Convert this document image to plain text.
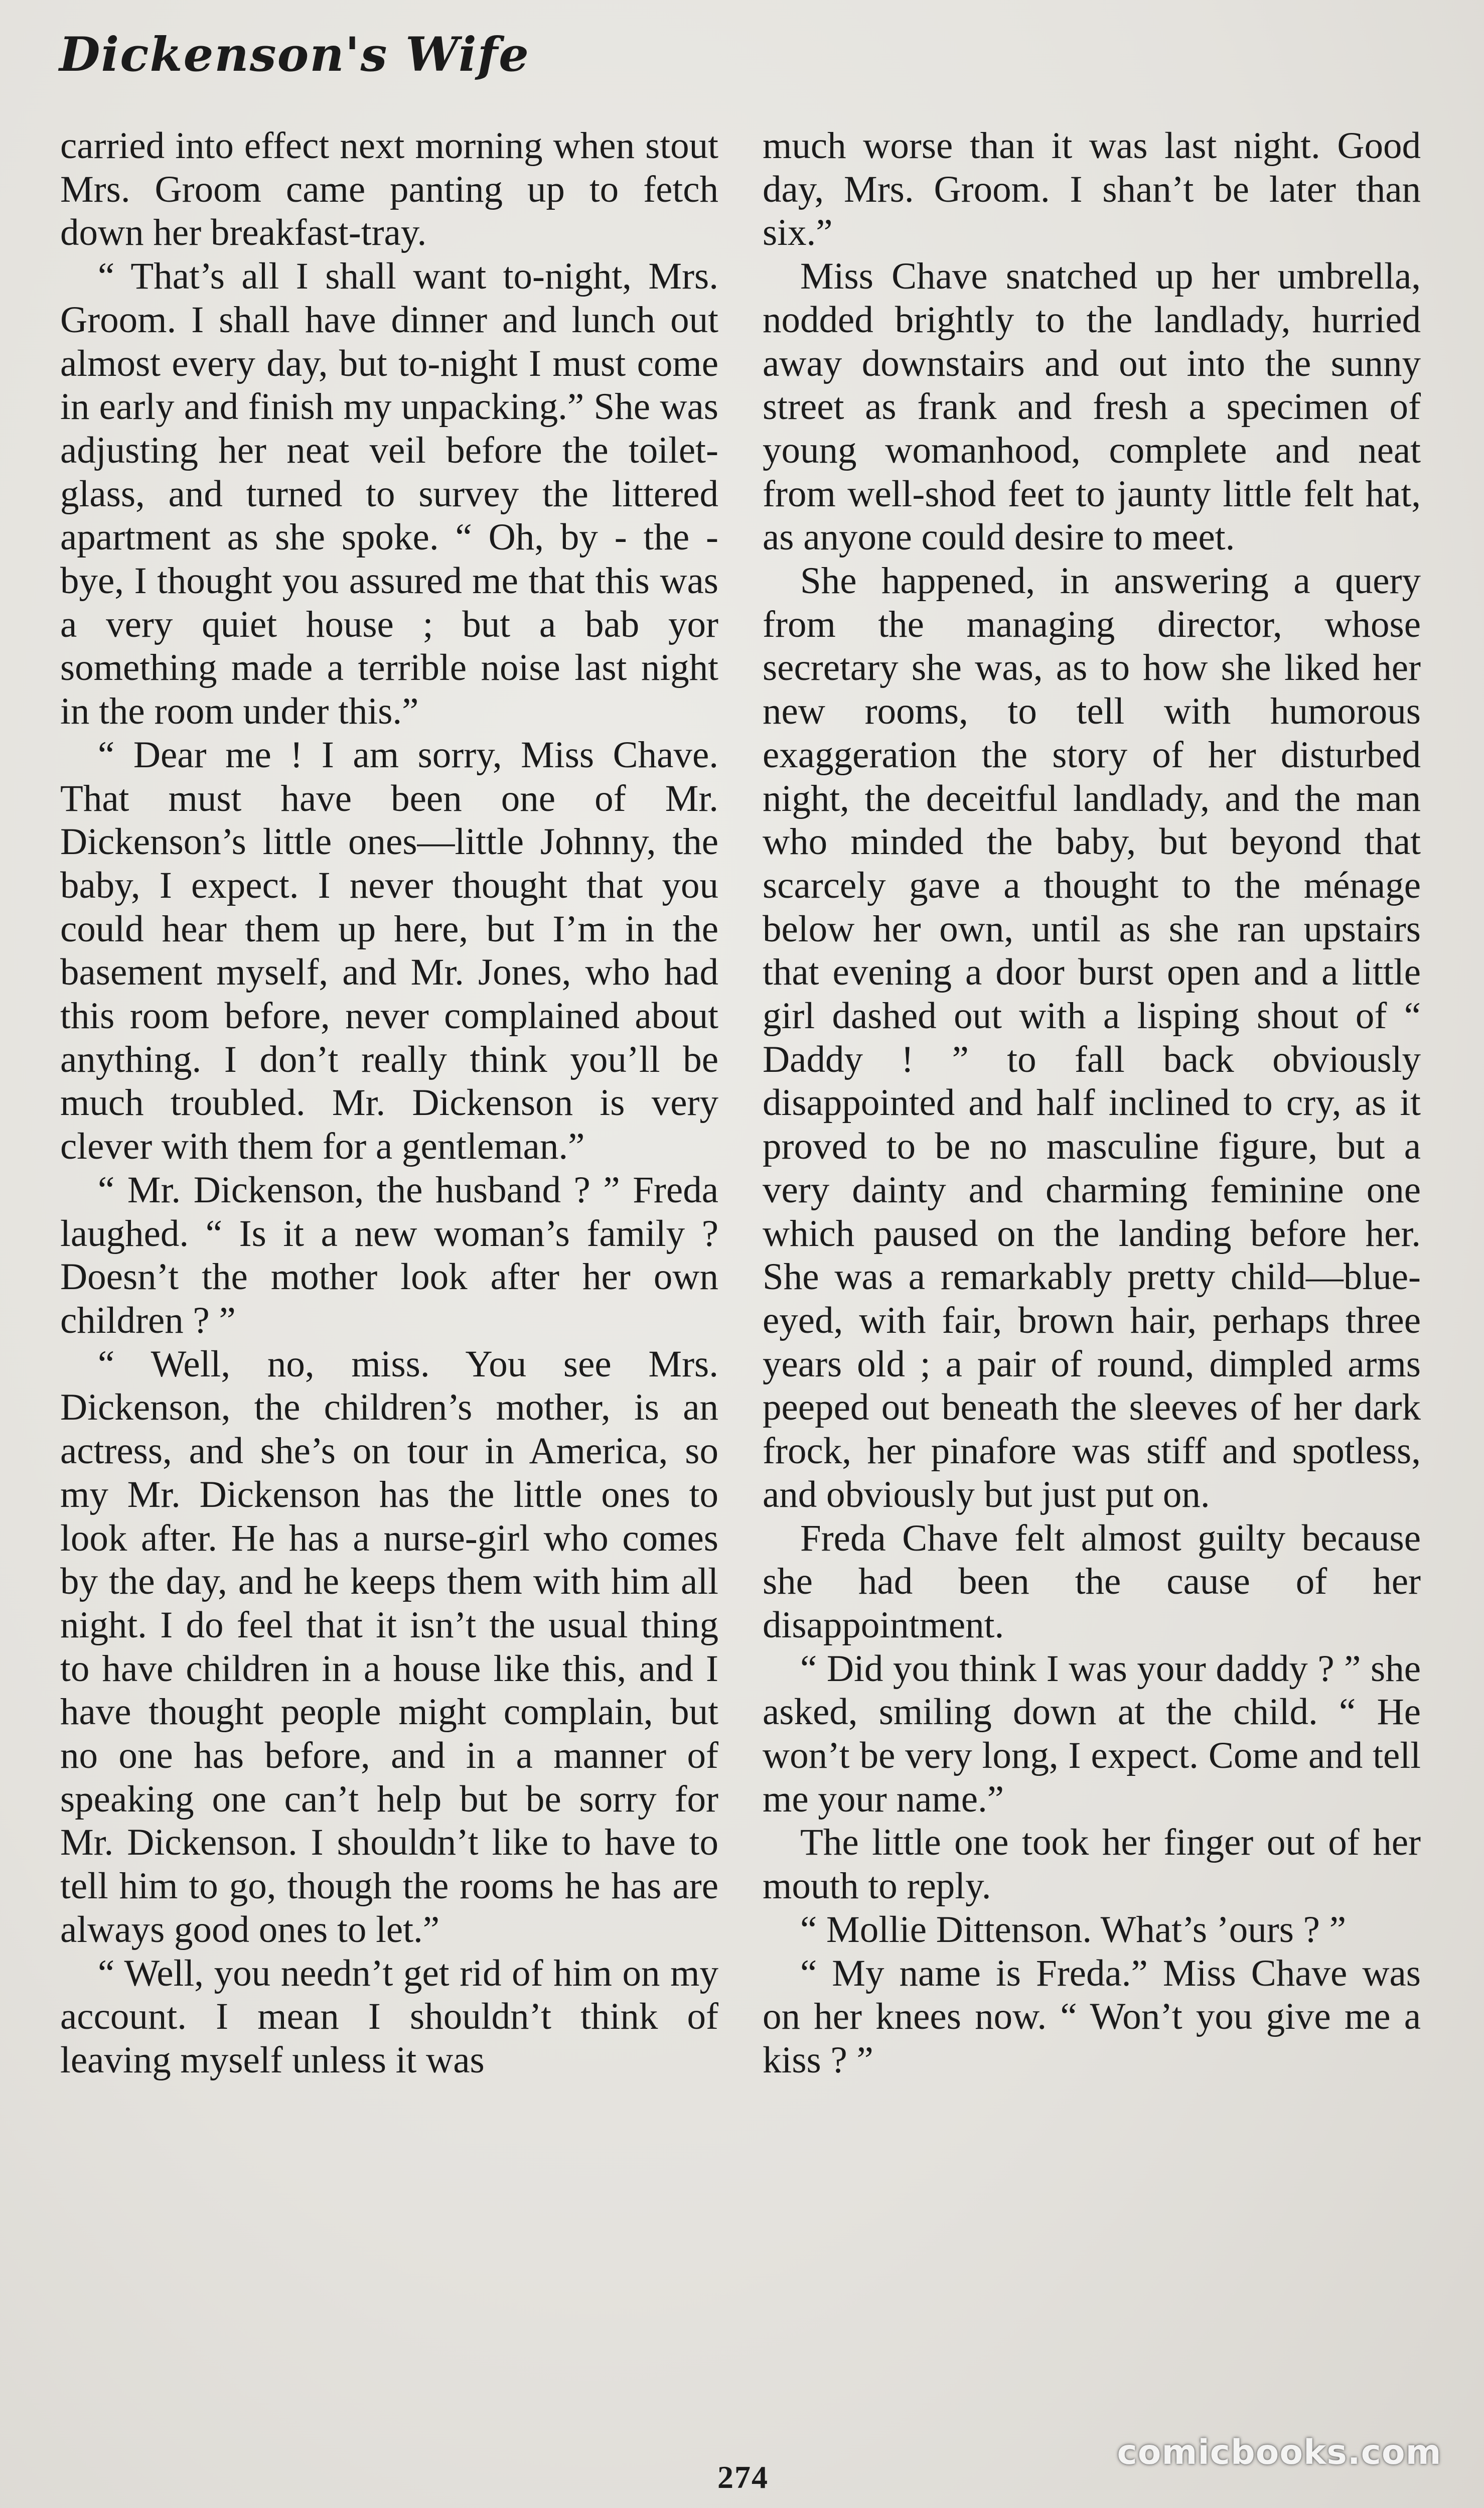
Dickenson's Wife

carried into effect next morning when stout Mrs. Groom came panting up to fetch down her breakfast-tray.

“ That’s all I shall want to-night, Mrs. Groom. I shall have dinner and lunch out almost every day, but to-night I must come in early and finish my unpacking.” She was adjusting her neat veil before the toilet-glass, and turned to survey the littered apartment as she spoke. “ Oh, by - the - bye, I thought you assured me that this was a very quiet house ; but a bab yor something made a terrible noise last night in the room under this.”

“ Dear me ! I am sorry, Miss Chave. That must have been one of Mr. Dickenson’s little ones—little Johnny, the baby, I expect. I never thought that you could hear them up here, but I’m in the basement myself, and Mr. Jones, who had this room before, never complained about anything. I don’t really think you’ll be much troubled. Mr. Dickenson is very clever with them for a gentleman.”

“ Mr. Dickenson, the husband ? ” Freda laughed. “ Is it a new woman’s family ? Doesn’t the mother look after her own children ? ”

“ Well, no, miss. You see Mrs. Dickenson, the children’s mother, is an actress, and she’s on tour in America, so my Mr. Dickenson has the little ones to look after. He has a nurse-girl who comes by the day, and he keeps them with him all night. I do feel that it isn’t the usual thing to have children in a house like this, and I have thought people might complain, but no one has before, and in a manner of speaking one can’t help but be sorry for Mr. Dickenson. I shouldn’t like to have to tell him to go, though the rooms he has are always good ones to let.”

“ Well, you needn’t get rid of him on my account. I mean I shouldn’t think of leaving myself unless it was

much worse than it was last night. Good day, Mrs. Groom. I shan’t be later than six.”

Miss Chave snatched up her umbrella, nodded brightly to the landlady, hurried away downstairs and out into the sunny street as frank and fresh a specimen of young womanhood, complete and neat from well-shod feet to jaunty little felt hat, as anyone could desire to meet.

She happened, in answering a query from the managing director, whose secretary she was, as to how she liked her new rooms, to tell with humorous exaggeration the story of her disturbed night, the deceitful landlady, and the man who minded the baby, but beyond that scarcely gave a thought to the ménage below her own, until as she ran upstairs that evening a door burst open and a little girl dashed out with a lisping shout of “ Daddy ! ” to fall back obviously disappointed and half inclined to cry, as it proved to be no masculine figure, but a very dainty and charming feminine one which paused on the landing before her. She was a remarkably pretty child—blue-eyed, with fair, brown hair, perhaps three years old ; a pair of round, dimpled arms peeped out beneath the sleeves of her dark frock, her pinafore was stiff and spotless, and obviously but just put on.

Freda Chave felt almost guilty because she had been the cause of her disappointment.

“ Did you think I was your daddy ? ” she asked, smiling down at the child. “ He won’t be very long, I expect. Come and tell me your name.”

The little one took her finger out of her mouth to reply.

“ Mollie Dittenson. What’s ’ours ? ”

“ My name is Freda.” Miss Chave was on her knees now. “ Won’t you give me a kiss ? ”

274
comicbooks.com
